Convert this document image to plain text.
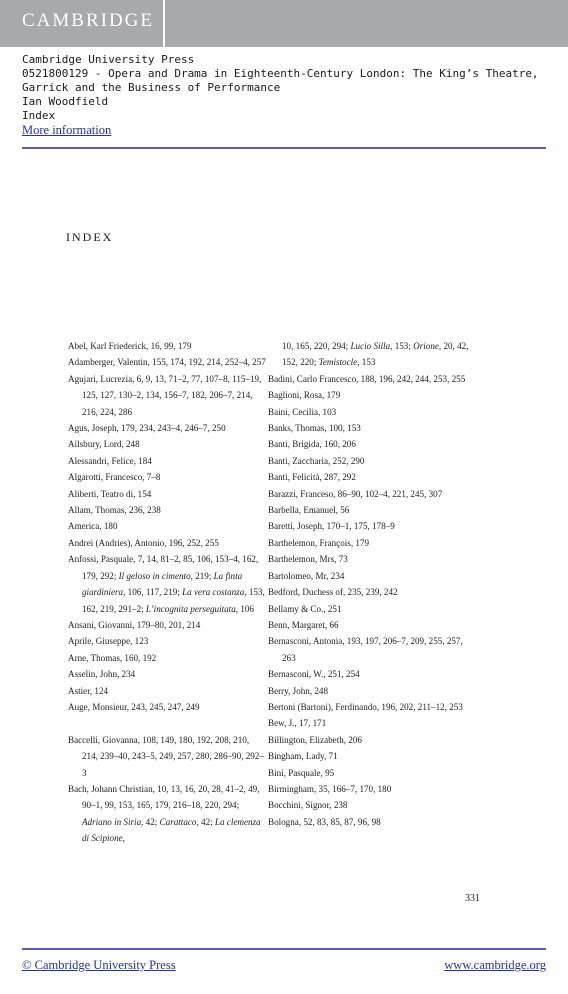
CAMBRIDGE
Cambridge University Press
0521800129 - Opera and Drama in Eighteenth-Century London: The King’s Theatre,
Garrick and the Business of Performance
Ian Woodfield
Index
More information
INDEX
Abel, Karl Friederick, 16, 99, 179
Adamberger, Valentin, 155, 174, 192, 214, 252–4, 257
Agujari, Lucrezia, 6, 9, 13, 71–2, 77, 107–8, 115–19, 125, 127, 130–2, 134, 156–7, 182, 206–7, 214, 216, 224, 286
Agus, Joseph, 179, 234, 243–4, 246–7, 250
Ailsbury, Lord, 248
Alessandri, Felice, 184
Algarotti, Francesco, 7–8
Aliberti, Teatro di, 154
Allam, Thomas, 236, 238
America, 180
Andrei (Andries), Antonio, 196, 252, 255
Anfossi, Pasquale, 7, 14, 81–2, 85, 106, 153–4, 162, 179, 292; Il geloso in cimento, 219; La finta giardiniera, 106, 117, 219; La vera costanza, 153, 162, 219, 291–2; L’incognita perseguitata, 106
Ansani, Giovanni, 179–80, 201, 214
Aprile, Giuseppe, 123
Arne, Thomas, 160, 192
Asselin, John, 234
Astier, 124
Auge, Monsieur, 243, 245, 247, 249
Baccelli, Giovanna, 108, 149, 180, 192, 208, 210, 214, 239–40, 243–5, 249, 257, 280, 286–90, 292–3
Bach, Johann Christian, 10, 13, 16, 20, 28, 41–2, 49, 90–1, 99, 153, 165, 179, 216–18, 220, 294; Adriano in Siria, 42; Carattaco, 42; La clemenza di Scipione,
10, 165, 220, 294; Lucio Silla, 153; Orione, 20, 42, 152, 220; Temistocle, 153
Badini, Carlo Francesco, 188, 196, 242, 244, 253, 255
Baglioni, Rosa, 179
Baini, Cecilia, 103
Banks, Thomas, 100, 153
Banti, Brigida, 160, 206
Banti, Zaccharia, 252, 290
Banti, Felicità, 287, 292
Barazzi, Franceso, 86–90, 102–4, 221, 245, 307
Barbella, Emanuel, 56
Baretti, Joseph, 170–1, 175, 178–9
Barthelemon, François, 179
Barthelemon, Mrs, 73
Bartolomeo, Mr, 234
Bedford, Duchess of, 235, 239, 242
Bellamy & Co., 251
Benn, Margaret, 66
Bernasconi, Antonia, 193, 197, 206–7, 209, 255, 257, 263
Bernasconi, W., 251, 254
Berry, John, 248
Bertoni (Bartoni), Ferdinando, 196, 202, 211–12, 253
Bew, J., 17, 171
Billington, Elizabeth, 206
Bingham, Lady, 71
Bini, Pasquale, 95
Birmingham, 35, 166–7, 170, 180
Bocchini, Signor, 238
Bologna, 52, 83, 85, 87, 96, 98
331
© Cambridge University Press	www.cambridge.org
